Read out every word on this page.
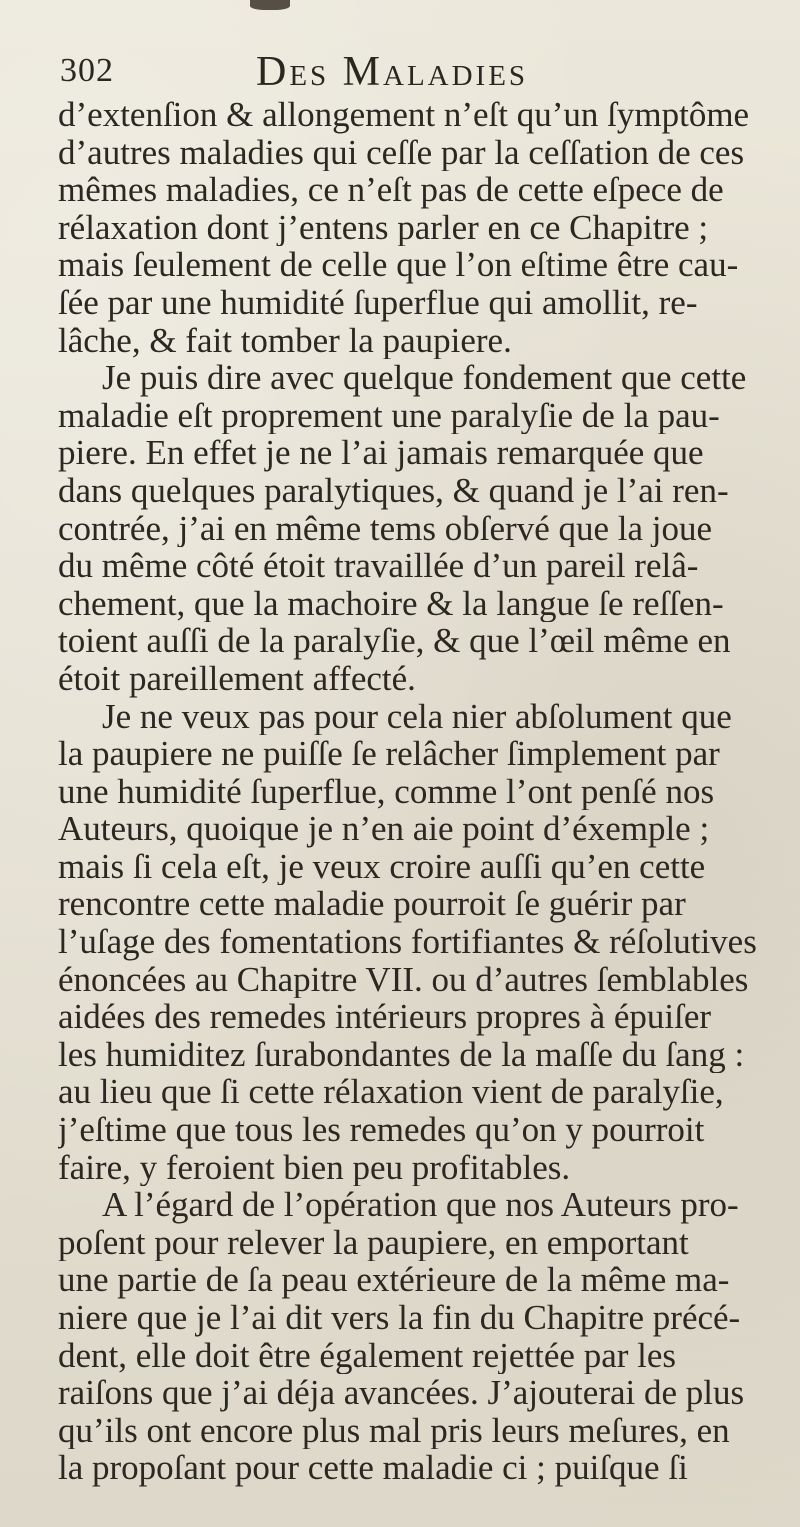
302	Des Maladies
d’extenſion & allongement n’eſt qu’un ſymptôme
d’autres maladies qui ceſſe par la ceſſation de ces
mêmes maladies, ce n’eſt pas de cette eſpece de
rélaxation dont j’entens parler en ce Chapitre ;
mais ſeulement de celle que l’on eſtime être cau-
ſée par une humidité ſuperflue qui amollit, re-
lâche, & fait tomber la paupiere.
Je puis dire avec quelque fondement que cette
maladie eſt proprement une paralyſie de la pau-
piere. En effet je ne l’ai jamais remarquée que
dans quelques paralytiques, & quand je l’ai ren-
contrée, j’ai en même tems obſervé que la joue
du même côté étoit travaillée d’un pareil relâ-
chement, que la machoire & la langue ſe reſſen-
toient auſſi de la paralyſie, & que l’œil même en
étoit pareillement affecté.
Je ne veux pas pour cela nier abſolument que
la paupiere ne puiſſe ſe relâcher ſimplement par
une humidité ſuperflue, comme l’ont penſé nos
Auteurs, quoique je n’en aie point d’éxemple ;
mais ſi cela eſt, je veux croire auſſi qu’en cette
rencontre cette maladie pourroit ſe guérir par
l’uſage des fomentations fortifiantes & réſolutives
énoncées au Chapitre VII. ou d’autres ſemblables
aidées des remedes intérieurs propres à épuiſer
les humiditez ſurabondantes de la maſſe du ſang :
au lieu que ſi cette rélaxation vient de paralyſie,
j’eſtime que tous les remedes qu’on y pourroit
faire, y feroient bien peu profitables.
A l’égard de l’opération que nos Auteurs pro-
poſent pour relever la paupiere, en emportant
une partie de ſa peau extérieure de la même ma-
niere que je l’ai dit vers la fin du Chapitre précé-
dent, elle doit être également rejettée par les
raiſons que j’ai déja avancées. J’ajouterai de plus
qu’ils ont encore plus mal pris leurs meſures, en
la propoſant pour cette maladie ci ; puiſque ſi
